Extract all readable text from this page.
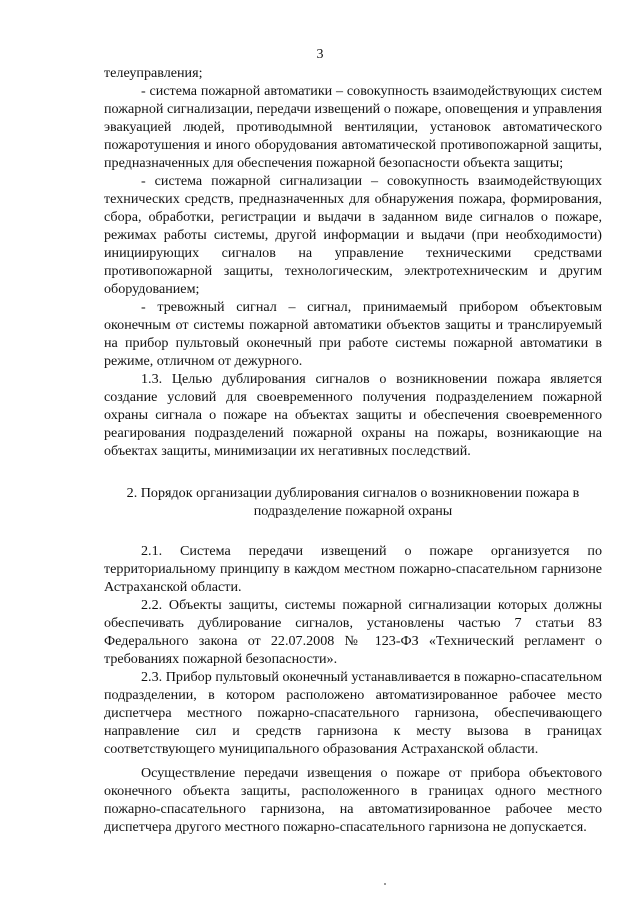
3

телеуправления;

- система пожарной автоматики – совокупность взаимодействующих систем пожарной сигнализации, передачи извещений о пожаре, оповещения и управления эвакуацией людей, противодымной вентиляции, установок автоматического пожаротушения и иного оборудования автоматической противопожарной защиты, предназначенных для обеспечения пожарной безопасности объекта защиты;

- система пожарной сигнализации – совокупность взаимодействующих технических средств, предназначенных для обнаружения пожара, формирования, сбора, обработки, регистрации и выдачи в заданном виде сигналов о пожаре, режимах работы системы, другой информации и выдачи (при необходимости) инициирующих сигналов на управление техническими средствами противопожарной защиты, технологическим, электротехническим и другим оборудованием;

- тревожный сигнал – сигнал, принимаемый прибором объектовым оконечным от системы пожарной автоматики объектов защиты и транслируемый на прибор пультовый оконечный при работе системы пожарной автоматики в режиме, отличном от дежурного.

1.3. Целью дублирования сигналов о возникновении пожара является создание условий для своевременного получения подразделением пожарной охраны сигнала о пожаре на объектах защиты и обеспечения своевременного реагирования подразделений пожарной охраны на пожары, возникающие на объектах защиты, минимизации их негативных последствий.

2. Порядок организации дублирования сигналов о возникновении пожара в подразделение пожарной охраны

2.1. Система передачи извещений о пожаре организуется по территориальному принципу в каждом местном пожарно-спасательном гарнизоне Астраханской области.

2.2. Объекты защиты, системы пожарной сигнализации которых должны обеспечивать дублирование сигналов, установлены частью 7 статьи 83 Федерального закона от 22.07.2008 № 123-ФЗ «Технический регламент о требованиях пожарной безопасности».

2.3. Прибор пультовый оконечный устанавливается в пожарно-спасательном подразделении, в котором расположено автоматизированное рабочее место диспетчера местного пожарно-спасательного гарнизона, обеспечивающего направление сил и средств гарнизона к месту вызова в границах соответствующего муниципального образования Астраханской области.

Осуществление передачи извещения о пожаре от прибора объектового оконечного объекта защиты, расположенного в границах одного местного пожарно-спасательного гарнизона, на автоматизированное рабочее место диспетчера другого местного пожарно-спасательного гарнизона не допускается.
